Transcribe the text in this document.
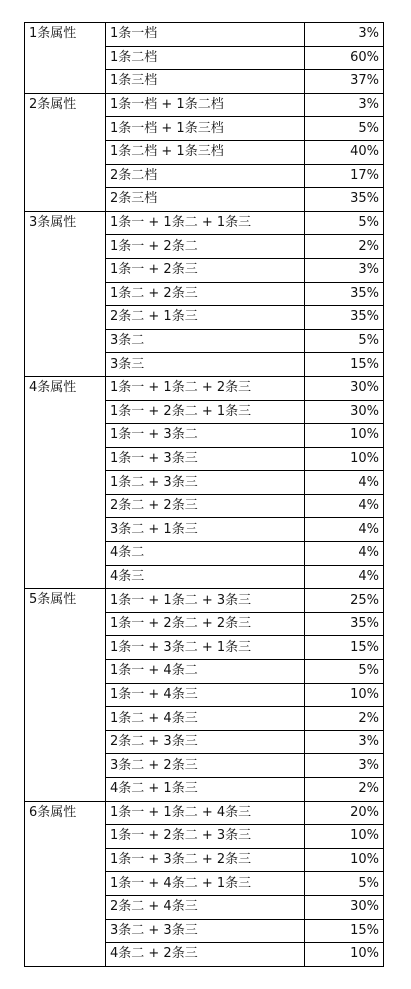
1条属性	1条一档	3%
	1条二档	60%
	1条三档	37%
2条属性	1条一档 + 1条二档	3%
	1条一档 + 1条三档	5%
	1条二档 + 1条三档	40%
	2条二档	17%
	2条三档	35%
3条属性	1条一 + 1条二 + 1条三	5%
	1条一 + 2条二	2%
	1条一 + 2条三	3%
	1条二 + 2条三	35%
	2条二 + 1条三	35%
	3条二	5%
	3条三	15%
4条属性	1条一 + 1条二 + 2条三	30%
	1条一 + 2条二 + 1条三	30%
	1条一 + 3条二	10%
	1条一 + 3条三	10%
	1条二 + 3条三	4%
	2条二 + 2条三	4%
	3条二 + 1条三	4%
	4条二	4%
	4条三	4%
5条属性	1条一 + 1条二 + 3条三	25%
	1条一 + 2条二 + 2条三	35%
	1条一 + 3条二 + 1条三	15%
	1条一 + 4条二	5%
	1条一 + 4条三	10%
	1条二 + 4条三	2%
	2条二 + 3条三	3%
	3条二 + 2条三	3%
	4条二 + 1条三	2%
6条属性	1条一 + 1条二 + 4条三	20%
	1条一 + 2条二 + 3条三	10%
	1条一 + 3条二 + 2条三	10%
	1条一 + 4条二 + 1条三	5%
	2条二 + 4条三	30%
	3条二 + 3条三	15%
	4条二 + 2条三	10%
